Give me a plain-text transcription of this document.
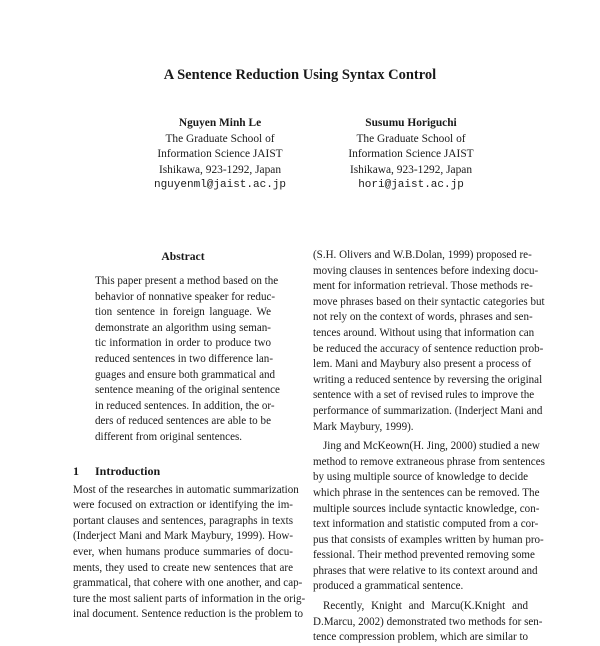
A Sentence Reduction Using Syntax Control
Nguyen Minh Le
The Graduate School of
Information Science JAIST
Ishikawa, 923-1292, Japan
nguyenml@jaist.ac.jp
Susumu Horiguchi
The Graduate School of
Information Science JAIST
Ishikawa, 923-1292, Japan
hori@jaist.ac.jp
Abstract
This paper present a method based on the
behavior of nonnative speaker for reduc-
tion sentence in foreign language. We
demonstrate an algorithm using seman-
tic information in order to produce two
reduced sentences in two difference lan-
guages and ensure both grammatical and
sentence meaning of the original sentence
in reduced sentences. In addition, the or-
ders of reduced sentences are able to be
different from original sentences.
1 Introduction
Most of the researches in automatic summarization
were focused on extraction or identifying the im-
portant clauses and sentences, paragraphs in texts
(Inderject Mani and Mark Maybury, 1999). How-
ever, when humans produce summaries of docu-
ments, they used to create new sentences that are
grammatical, that cohere with one another, and cap-
ture the most salient parts of information in the orig-
inal document. Sentence reduction is the problem to
(S.H. Olivers and W.B.Dolan, 1999) proposed re-
moving clauses in sentences before indexing docu-
ment for information retrieval. Those methods re-
move phrases based on their syntactic categories but
not rely on the context of words, phrases and sen-
tences around. Without using that information can
be reduced the accuracy of sentence reduction prob-
lem. Mani and Maybury also present a process of
writing a reduced sentence by reversing the original
sentence with a set of revised rules to improve the
performance of summarization. (Inderject Mani and
Mark Maybury, 1999).
Jing and McKeown(H. Jing, 2000) studied a new
method to remove extraneous phrase from sentences
by using multiple source of knowledge to decide
which phrase in the sentences can be removed. The
multiple sources include syntactic knowledge, con-
text information and statistic computed from a cor-
pus that consists of examples written by human pro-
fessional. Their method prevented removing some
phrases that were relative to its context around and
produced a grammatical sentence.
Recently, Knight and Marcu(K.Knight and
D.Marcu, 2002) demonstrated two methods for sen-
tence compression problem, which are similar to
